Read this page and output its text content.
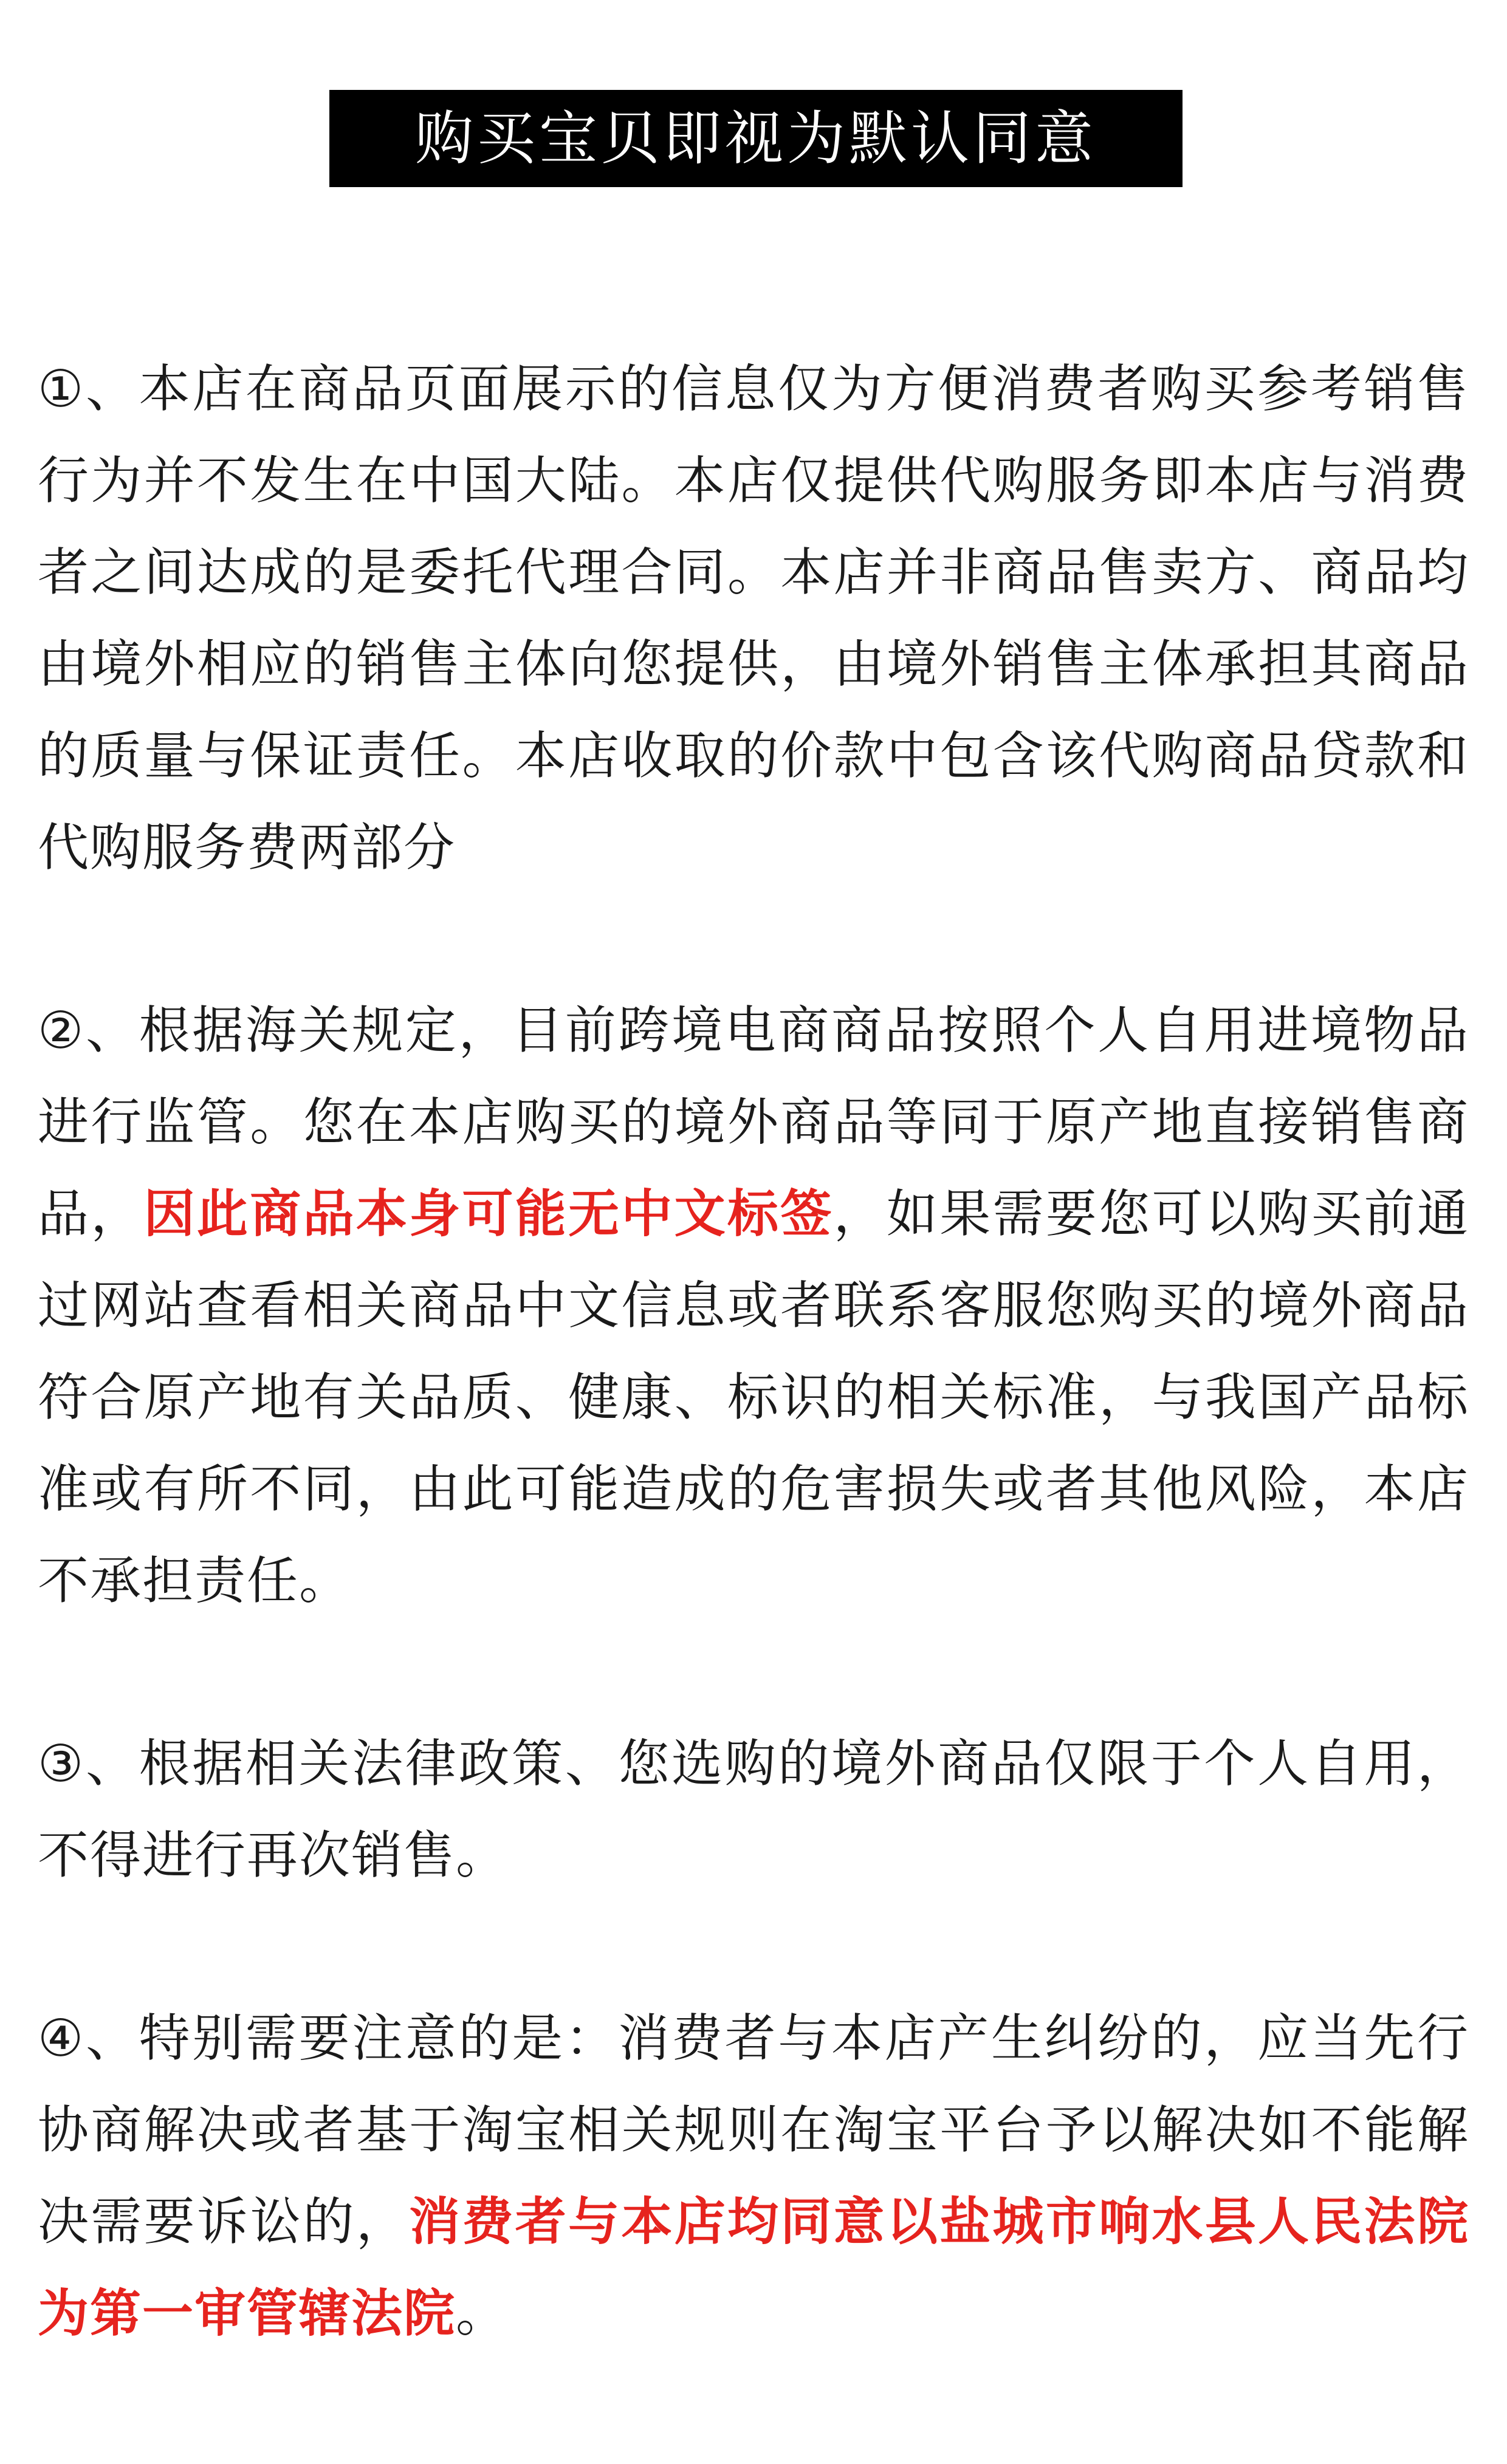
购买宝贝即视为默认同意

①、本店在商品页面展示的信息仅为方便消费者购买参考销售行为并不发生在中国大陆。本店仅提供代购服务即本店与消费者之间达成的是委托代理合同。本店并非商品售卖方、商品均由境外相应的销售主体向您提供，由境外销售主体承担其商品的质量与保证责任。本店收取的价款中包含该代购商品贷款和代购服务费两部分

②、根据海关规定，目前跨境电商商品按照个人自用进境物品进行监管。您在本店购买的境外商品等同于原产地直接销售商品，因此商品本身可能无中文标签，如果需要您可以购买前通过网站查看相关商品中文信息或者联系客服您购买的境外商品符合原产地有关品质、健康、标识的相关标准，与我国产品标准或有所不同，由此可能造成的危害损失或者其他风险，本店不承担责任。

③、根据相关法律政策、您选购的境外商品仅限于个人自用，不得进行再次销售。

④、特别需要注意的是：消费者与本店产生纠纷的，应当先行协商解决或者基于淘宝相关规则在淘宝平台予以解决如不能解决需要诉讼的，消费者与本店均同意以盐城市响水县人民法院为第一审管辖法院。
